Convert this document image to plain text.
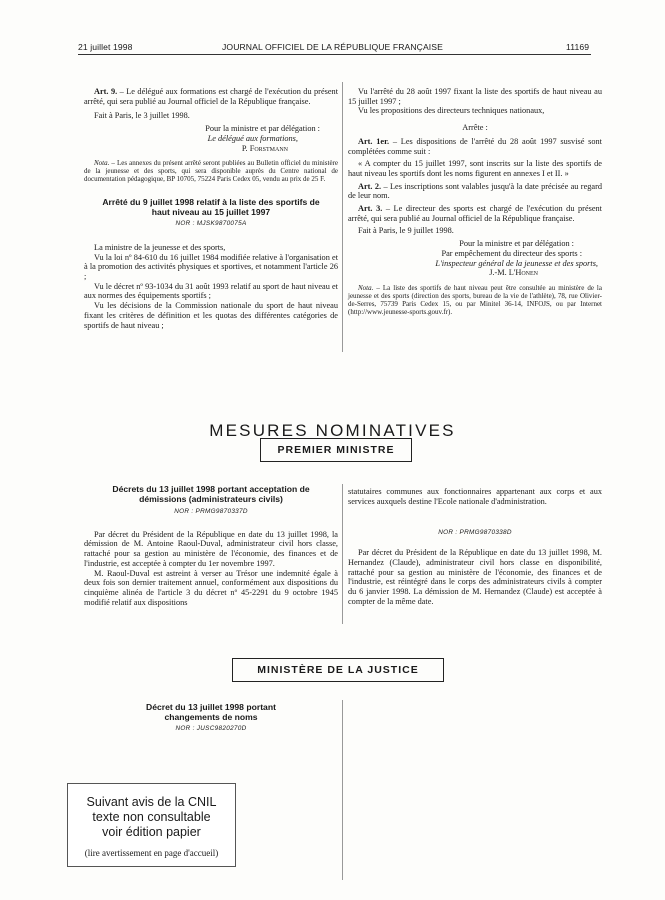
21 juillet 1998	JOURNAL OFFICIEL DE LA RÉPUBLIQUE FRANÇAISE	11169

Art. 9. – Le délégué aux formations est chargé de l'exécution du présent arrêté, qui sera publié au Journal officiel de la République française.

Fait à Paris, le 3 juillet 1998.

Pour la ministre et par délégation :

Le délégué aux formations,

P. Forstmann

Nota. – Les annexes du présent arrêté seront publiées au Bulletin officiel du ministère de la jeunesse et des sports, qui sera disponible auprès du Centre national de documentation pédagogique, BP 10705, 75224 Paris Cedex 05, vendu au prix de 25 F.

Arrêté du 9 juillet 1998 relatif à la liste des sportifs de haut niveau au 15 juillet 1997

NOR : MJSK9870075A

La ministre de la jeunesse et des sports,

Vu la loi nº 84-610 du 16 juillet 1984 modifiée relative à l'organisation et à la promotion des activités physiques et sportives, et notamment l'article 26 ;

Vu le décret nº 93-1034 du 31 août 1993 relatif au sport de haut niveau et aux normes des équipements sportifs ;

Vu les décisions de la Commission nationale du sport de haut niveau fixant les critères de définition et les quotas des différentes catégories de sportifs de haut niveau ;

Vu l'arrêté du 28 août 1997 fixant la liste des sportifs de haut niveau au 15 juillet 1997 ;

Vu les propositions des directeurs techniques nationaux,

Arrête :

Art. 1er. – Les dispositions de l'arrêté du 28 août 1997 susvisé sont complétées comme suit :

« A compter du 15 juillet 1997, sont inscrits sur la liste des sportifs de haut niveau les sportifs dont les noms figurent en annexes I et II. »

Art. 2. – Les inscriptions sont valables jusqu'à la date précisée au regard de leur nom.

Art. 3. – Le directeur des sports est chargé de l'exécution du présent arrêté, qui sera publié au Journal officiel de la République française.

Fait à Paris, le 9 juillet 1998.

Pour la ministre et par délégation :

Par empêchement du directeur des sports :

L'inspecteur général de la jeunesse et des sports,

J.-M. L'Honen

Nota. – La liste des sportifs de haut niveau peut être consultée au ministère de la jeunesse et des sports (direction des sports, bureau de la vie de l'athlète), 78, rue Olivier-de-Serres, 75739 Paris Cedex 15, ou par Minitel 36-14, INFOJS, ou par Internet (http://www.jeunesse-sports.gouv.fr).

MESURES NOMINATIVES
PREMIER MINISTRE

Décrets du 13 juillet 1998 portant acceptation de démissions (administrateurs civils)

NOR : PRMG9870337D

Par décret du Président de la République en date du 13 juillet 1998, la démission de M. Antoine Raoul-Duval, administrateur civil hors classe, rattaché pour sa gestion au ministère de l'économie, des finances et de l'industrie, est acceptée à compter du 1er novembre 1997.

M. Raoul-Duval est astreint à verser au Trésor une indemnité égale à deux fois son dernier traitement annuel, conformément aux dispositions du cinquième alinéa de l'article 3 du décret nº 45-2291 du 9 octobre 1945 modifié relatif aux dispositions

statutaires communes aux fonctionnaires appartenant aux corps et aux services auxquels destine l'Ecole nationale d'administration.

NOR : PRMG9870338D

Par décret du Président de la République en date du 13 juillet 1998, M. Hernandez (Claude), administrateur civil hors classe en disponibilité, rattaché pour sa gestion au ministère de l'économie, des finances et de l'industrie, est réintégré dans le corps des administrateurs civils à compter du 6 janvier 1998. La démission de M. Hernandez (Claude) est acceptée à compter de la même date.

MINISTÈRE DE LA JUSTICE

Décret du 13 juillet 1998 portant changements de noms

NOR : JUSC9820270D

Suivant avis de la CNIL
texte non consultable
voir édition papier
(lire avertissement en page d'accueil)
